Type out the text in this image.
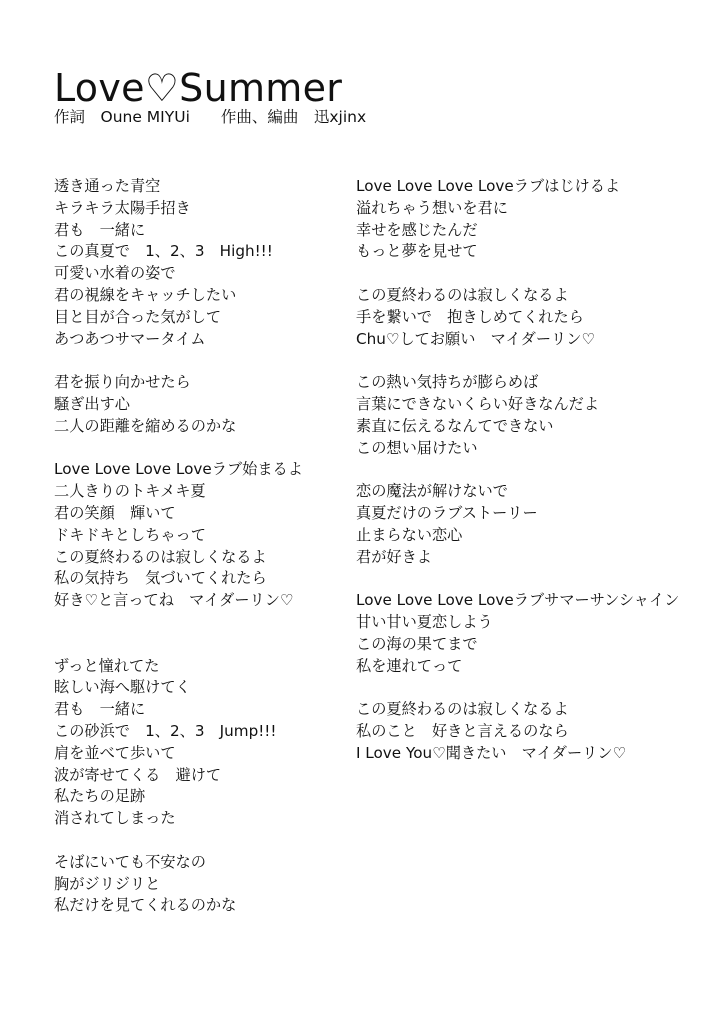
Love♡Summer
作詞　Oune MIYUi　　作曲、編曲　迅xjinx
透き通った青空
キラキラ太陽手招き
君も　一緒に
この真夏で　1、2、3　High!!!
可愛い水着の姿で
君の視線をキャッチしたい
目と目が合った気がして
あつあつサマータイム
君を振り向かせたら
騒ぎ出す心
二人の距離を縮めるのかな
Love Love Love Loveラブ始まるよ
二人きりのトキメキ夏
君の笑顔　輝いて
ドキドキとしちゃって
この夏終わるのは寂しくなるよ
私の気持ち　気づいてくれたら
好き♡と言ってね　マイダーリン♡
ずっと憧れてた
眩しい海へ駆けてく
君も　一緒に
この砂浜で　1、2、3　Jump!!!
肩を並べて歩いて
波が寄せてくる　避けて
私たちの足跡
消されてしまった
そばにいても不安なの
胸がジリジリと
私だけを見てくれるのかな
Love Love Love Loveラブはじけるよ
溢れちゃう想いを君に
幸せを感じたんだ
もっと夢を見せて
この夏終わるのは寂しくなるよ
手を繋いで　抱きしめてくれたら
Chu♡してお願い　マイダーリン♡
この熱い気持ちが膨らめば
言葉にできないくらい好きなんだよ
素直に伝えるなんてできない
この想い届けたい
恋の魔法が解けないで
真夏だけのラブストーリー
止まらない恋心
君が好きよ
Love Love Love Loveラブサマーサンシャイン
甘い甘い夏恋しよう
この海の果てまで
私を連れてって
この夏終わるのは寂しくなるよ
私のこと　好きと言えるのなら
I Love You♡聞きたい　マイダーリン♡
